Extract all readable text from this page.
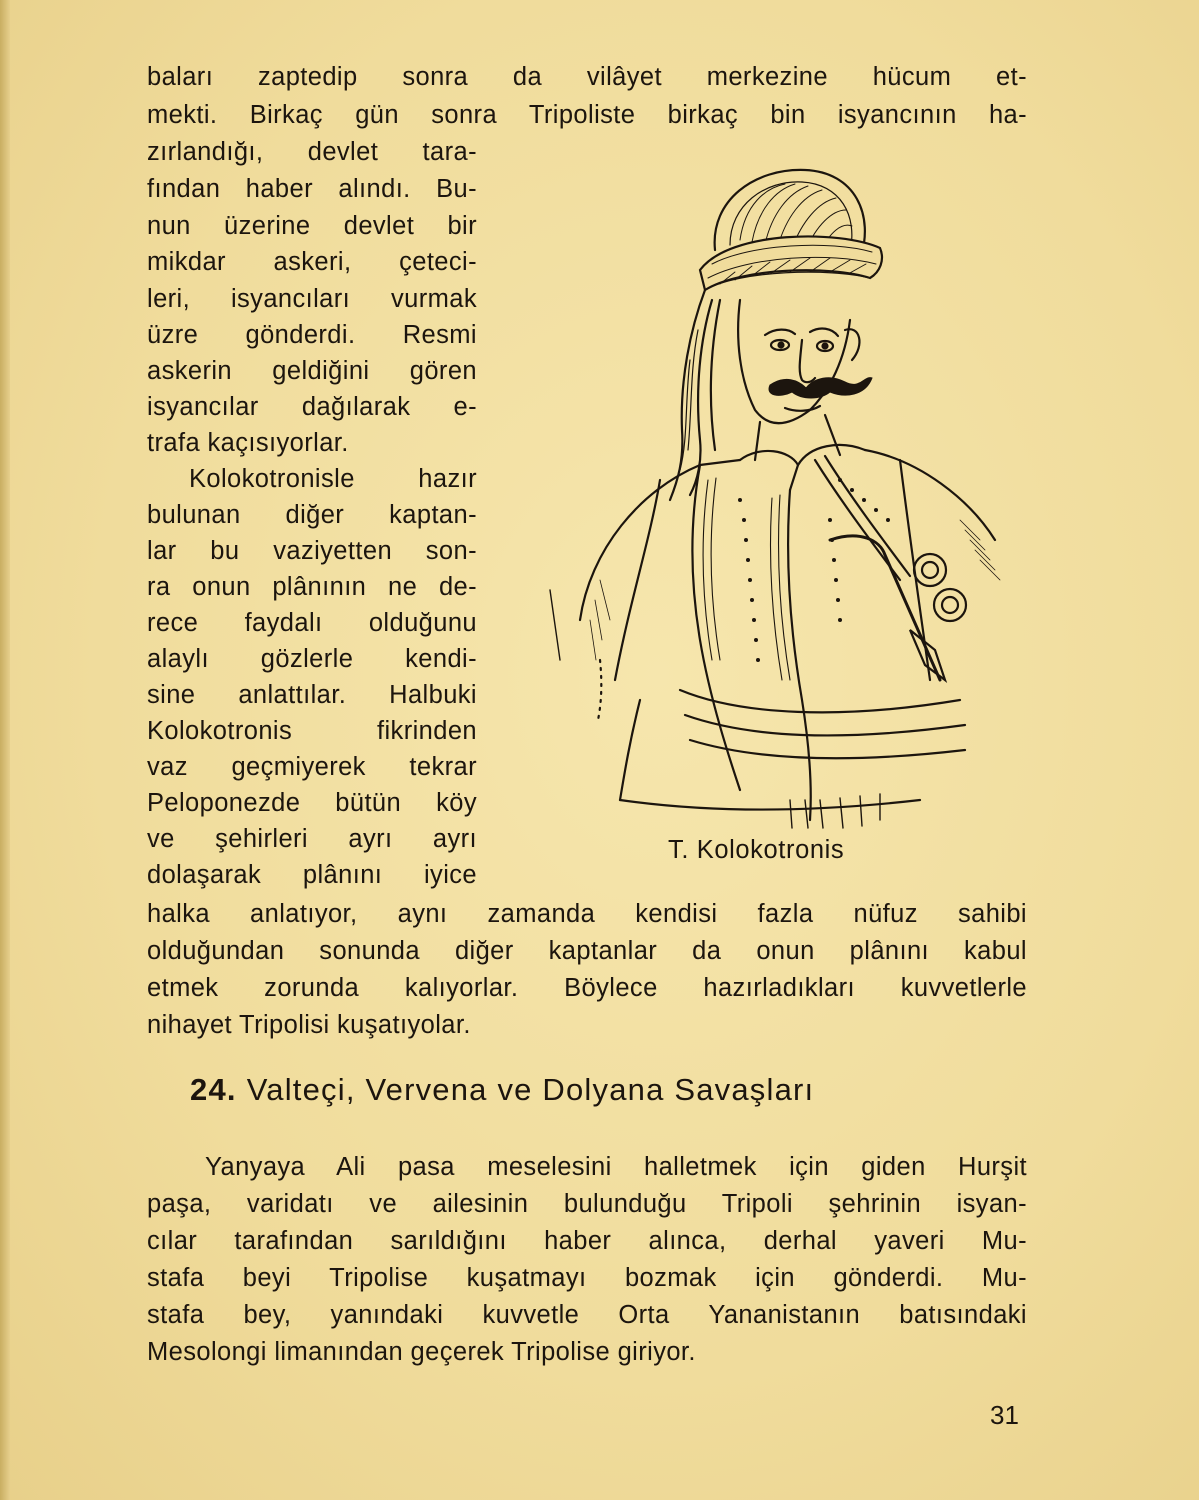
baları zaptedip sonra da vilâyet merkezine hücum et-

mekti. Birkaç gün sonra Tripoliste birkaç bin isyancının ha-

zırlandığı, devlet tara-

fından haber alındı. Bu-

nun üzerine devlet bir

mikdar askeri, çeteci-

leri, isyancıları vurmak

üzre gönderdi. Resmi

askerin geldiğini gören

isyancılar dağılarak e-

trafa kaçısıyorlar.

Kolokotronisle hazır

bulunan diğer kaptan-

lar bu vaziyetten son-

ra onun plânının ne de-

rece faydalı olduğunu

alaylı gözlerle kendi-

sine anlattılar. Halbuki

Kolokotronis fikrinden

vaz geçmiyerek tekrar

Peloponezde bütün köy

ve şehirleri ayrı ayrı

dolaşarak plânını iyice

halka anlatıyor, aynı zamanda kendisi fazla nüfuz sahibi

olduğundan sonunda diğer kaptanlar da onun plânını kabul

etmek zorunda kalıyorlar. Böylece hazırladıkları kuvvetlerle

nihayet Tripolisi kuşatıyolar.

T. Kolokotronis
24. Valteçi, Vervena ve Dolyana Savaşları

Yanyaya Ali pasa meselesini halletmek için giden Hurşit

paşa, varidatı ve ailesinin bulunduğu Tripoli şehrinin isyan-

cılar tarafından sarıldığını haber alınca, derhal yaveri Mu-

stafa beyi Tripolise kuşatmayı bozmak için gönderdi. Mu-

stafa bey, yanındaki kuvvetle Orta Yananistanın batısındaki

Mesolongi limanından geçerek Tripolise giriyor.

31
